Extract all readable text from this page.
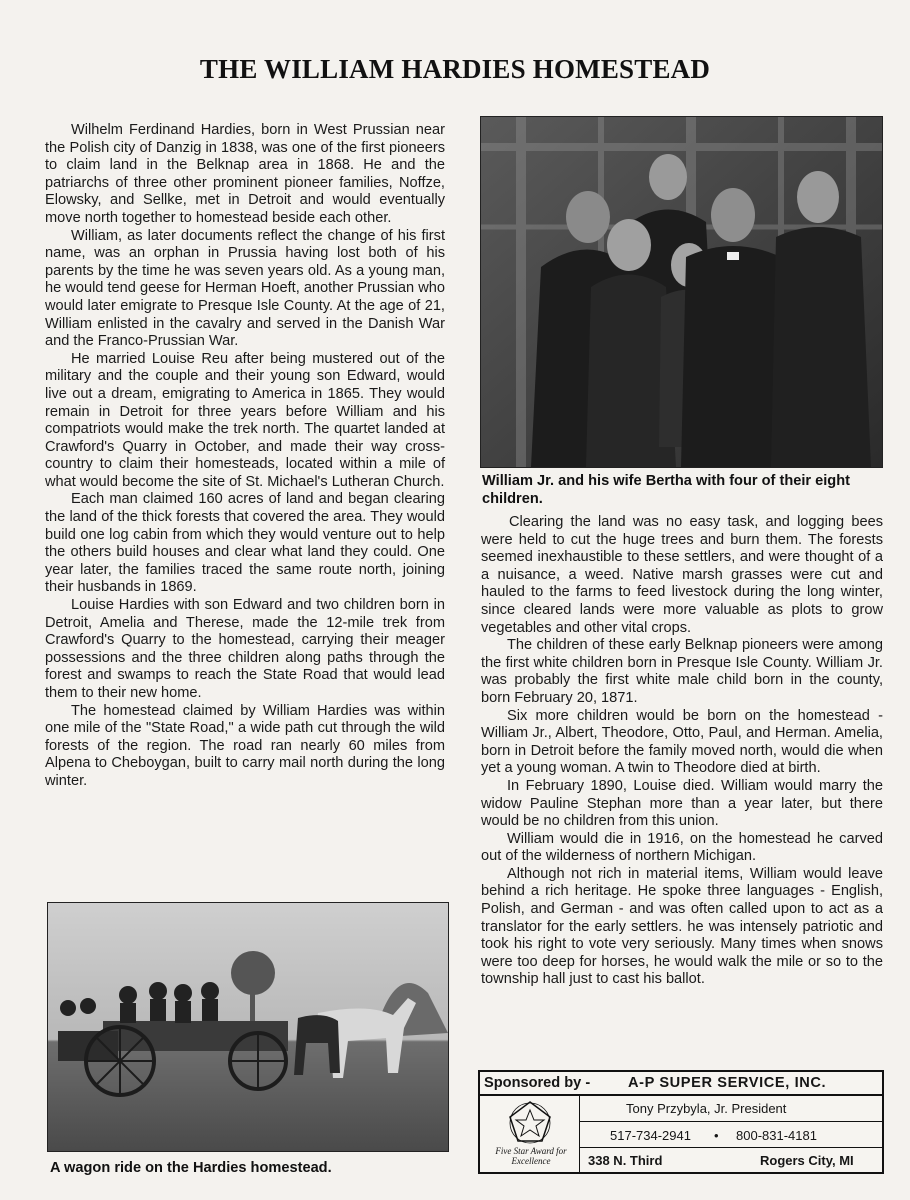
THE WILLIAM HARDIES HOMESTEAD

Wilhelm Ferdinand Hardies, born in West Prussian near the Polish city of Danzig in 1838, was one of the first pioneers to claim land in the Belknap area in 1868. He and the patriarchs of three other prominent pioneer families, Noffze, Elowsky, and Sellke, met in Detroit and would eventually move north together to homestead beside each other.

William, as later documents reflect the change of his first name, was an orphan in Prussia having lost both of his parents by the time he was seven years old. As a young man, he would tend geese for Herman Hoeft, another Prussian who would later emigrate to Presque Isle County. At the age of 21, William enlisted in the cavalry and served in the Danish War and the Franco-Prussian War.

He married Louise Reu after being mustered out of the military and the couple and their young son Edward, would live out a dream, emigrating to America in 1865. They would remain in Detroit for three years before William and his compatriots would make the trek north. The quartet landed at Crawford's Quarry in October, and made their way cross-country to claim their homesteads, located within a mile of what would become the site of St. Michael's Lutheran Church.

Each man claimed 160 acres of land and began clearing the land of the thick forests that covered the area. They would build one log cabin from which they would venture out to help the others build houses and clear what land they could. One year later, the families traced the same route north, joining their husbands in 1869.

Louise Hardies with son Edward and two children born in Detroit, Amelia and Therese, made the 12-mile trek from Crawford's Quarry to the homestead, carrying their meager possessions and the three children along paths through the forest and swamps to reach the State Road that would lead them to their new home.

The homestead claimed by William Hardies was within one mile of the "State Road," a wide path cut through the wild forests of the region. The road ran nearly 60 miles from Alpena to Cheboygan, built to carry mail north during the long winter.

William Jr. and his wife Bertha with four of their eight children.

Clearing the land was no easy task, and logging bees were held to cut the huge trees and burn them. The forests seemed inexhaustible to these settlers, and were thought of a a nuisance, a weed. Native marsh grasses were cut and hauled to the farms to feed livestock during the long winter, since cleared lands were more valuable as plots to grow vegetables and other vital crops.

The children of these early Belknap pioneers were among the first white children born in Presque Isle County. William Jr. was probably the first white male child born in the county, born February 20, 1871.

Six more children would be born on the homestead - William Jr., Albert, Theodore, Otto, Paul, and Herman. Amelia, born in Detroit before the family moved north, would die when yet a young woman. A twin to Theodore died at birth.

In February 1890, Louise died. William would marry the widow Pauline Stephan more than a year later, but there would be no children from this union.

William would die in 1916, on the homestead he carved out of the wilderness of northern Michigan.

Although not rich in material items, William would leave behind a rich heritage. He spoke three languages - English, Polish, and German - and was often called upon to act as a translator for the early settlers. he was intensely patriotic and took his right to vote very seriously. Many times when snows were too deep for horses, he would walk the mile or so to the township hall just to cast his ballot.

A wagon ride on the Hardies homestead.
Sponsored by -	A-P SUPER SERVICE, INC.
Five Star Award for Excellence
Tony Przybyla, Jr. President
517-734-2941 • 800-831-4181
338 N. Third	Rogers City, MI
